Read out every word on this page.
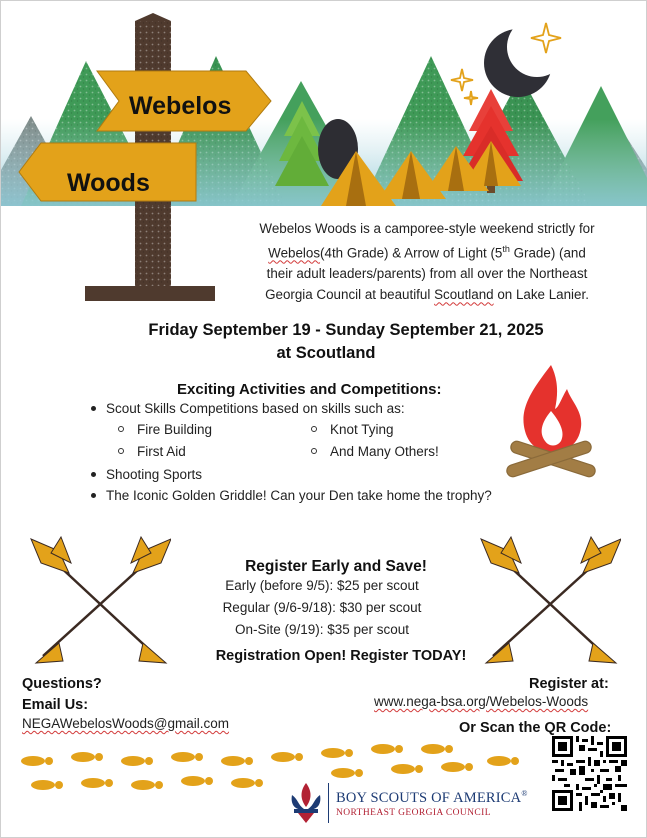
Webelos
Woods
Webelos Woods is a camporee-style weekend strictly for
Webelos(4th Grade) & Arrow of Light (5th Grade) (and
their adult leaders/parents) from all over the Northeast
Georgia Council at beautiful Scoutland on Lake Lanier.
Friday September 19 - Sunday September 21, 2025
at Scoutland
Exciting Activities and Competitions:
Scout Skills Competitions based on skills such as:
Fire Building	Knot Tying
First Aid	And Many Others!
Shooting Sports
The Iconic Golden Griddle! Can your Den take home the trophy?
Register Early and Save!
Early (before 9/5): $25 per scout
Regular (9/6-9/18): $30 per scout
On-Site (9/19): $35 per scout
Registration Open! Register TODAY!
Questions?
Email Us:
NEGAWebelosWoods@gmail.com
Register at:
www.nega-bsa.org/Webelos-Woods
Or Scan the QR Code:
BOY SCOUTS OF AMERICA®
NORTHEAST GEORGIA COUNCIL
